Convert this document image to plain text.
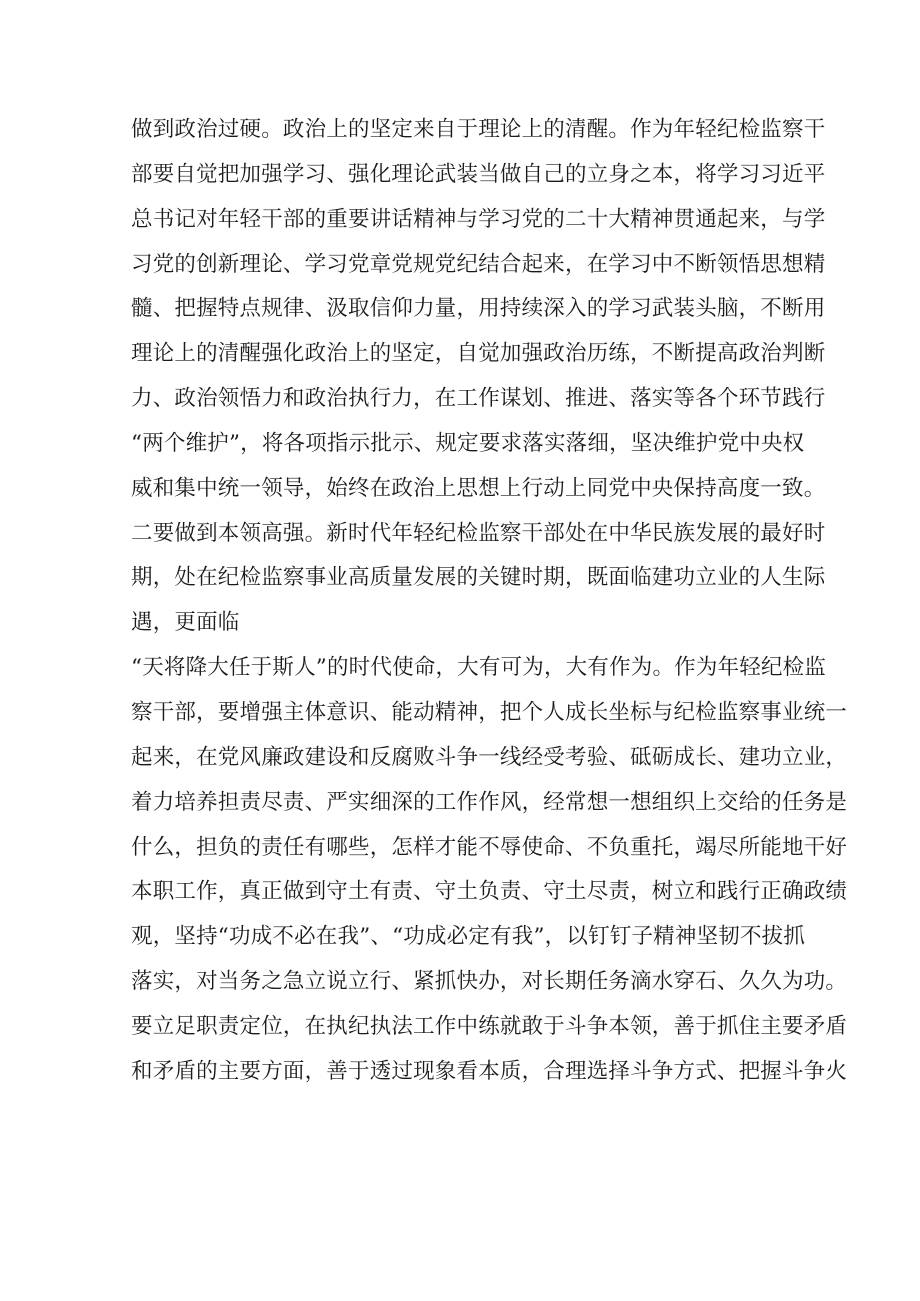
做到政治过硬。政治上的坚定来自于理论上的清醒。作为年轻纪检监察干
部要自觉把加强学习、强化理论武装当做自己的立身之本，将学习习近平
总书记对年轻干部的重要讲话精神与学习党的二十大精神贯通起来，与学
习党的创新理论、学习党章党规党纪结合起来，在学习中不断领悟思想精
髓、把握特点规律、汲取信仰力量，用持续深入的学习武装头脑，不断用
理论上的清醒强化政治上的坚定，自觉加强政治历练，不断提高政治判断
力、政治领悟力和政治执行力，在工作谋划、推进、落实等各个环节践行
“两个维护”，将各项指示批示、规定要求落实落细，坚决维护党中央权
威和集中统一领导，始终在政治上思想上行动上同党中央保持高度一致。
二要做到本领高强。新时代年轻纪检监察干部处在中华民族发展的最好时
期，处在纪检监察事业高质量发展的关键时期，既面临建功立业的人生际
遇，更面临
“天将降大任于斯人”的时代使命，大有可为，大有作为。作为年轻纪检监
察干部，要增强主体意识、能动精神，把个人成长坐标与纪检监察事业统一
起来，在党风廉政建设和反腐败斗争一线经受考验、砥砺成长、建功立业，
着力培养担责尽责、严实细深的工作作风，经常想一想组织上交给的任务是
什么，担负的责任有哪些，怎样才能不辱使命、不负重托，竭尽所能地干好
本职工作，真正做到守土有责、守土负责、守土尽责，树立和践行正确政绩
观，坚持“功成不必在我”、“功成必定有我”，以钉钉子精神坚韧不拔抓
落实，对当务之急立说立行、紧抓快办，对长期任务滴水穿石、久久为功。
要立足职责定位，在执纪执法工作中练就敢于斗争本领，善于抓住主要矛盾
和矛盾的主要方面，善于透过现象看本质，合理选择斗争方式、把握斗争火
